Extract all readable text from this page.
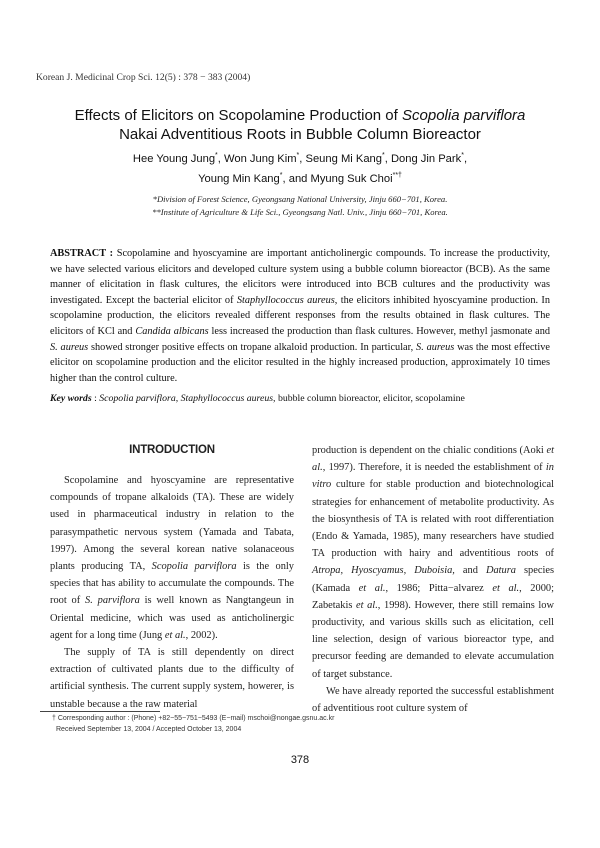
Korean J. Medicinal Crop Sci. 12(5) : 378 − 383 (2004)
Effects of Elicitors on Scopolamine Production of Scopolia parviflora
Nakai Adventitious Roots in Bubble Column Bioreactor
Hee Young Jung*, Won Jung Kim*, Seung Mi Kang*, Dong Jin Park*,
Young Min Kang*, and Myung Suk Choi**†
*Division of Forest Science, Gyeongsang National University, Jinju 660−701, Korea.
**Institute of Agriculture & Life Sci., Gyeongsang Natl. Univ., Jinju 660−701, Korea.
ABSTRACT : Scopolamine and hyoscyamine are important anticholinergic compounds. To increase the productivity, we have selected various elicitors and developed culture system using a bubble column bioreactor (BCB). As the same manner of elicitation in flask cultures, the elicitors were introduced into BCB cultures and the productivity was investigated. Except the bacterial elicitor of Staphyllococcus aureus, the elicitors inhibited hyoscyamine production. In scopolamine production, the elicitors revealed different responses from the results obtained in flask cultures. The elicitors of KCl and Candida albicans less increased the production than flask cultures. However, methyl jasmonate and S. aureus showed stronger positive effects on tropane alkaloid production. In particular, S. aureus was the most effective elicitor on scopolamine production and the elicitor resulted in the highly increased production, approximately 10 times higher than the control culture.
Key words : Scopolia parviflora, Staphyllococcus aureus, bubble column bioreactor, elicitor, scopolamine
INTRODUCTION

Scopolamine and hyoscyamine are representative compounds of tropane alkaloids (TA). These are widely used in pharmaceutical industry in relation to the parasympathetic nervous system (Yamada and Tabata, 1997). Among the several korean native solanaceous plants producing TA, Scopolia parviflora is the only species that has ability to accumulate the compounds. The root of S. parviflora is well known as Nangtangeun in Oriental medicine, which was used as anticholinergic agent for a long time (Jung et al., 2002).

The supply of TA is still dependently on direct extraction of cultivated plants due to the difficulty of artificial synthesis. The current supply system, howerer, is unstable because a the raw material

production is dependent on the chialic conditions (Aoki et al., 1997). Therefore, it is needed the establishment of in vitro culture for stable production and biotechnological strategies for enhancement of metabolite productivity. As the biosynthesis of TA is related with root differentiation (Endo & Yamada, 1985), many researchers have studied TA production with hairy and adventitious roots of Atropa, Hyoscyamus, Duboisia, and Datura species (Kamada et al., 1986; Pitta−alvarez et al., 2000; Zabetakis et al., 1998). However, there still remains low productivity, and various skills such as elicitation, cell line selection, design of various bioreactor type, and precursor feeding are demanded to elevate accumulation of target substance.

We have already reported the successful establishment of adventitious root culture system of

† Corresponding author : (Phone) +82−55−751−5493 (E−mail) mschoi@nongae.gsnu.ac.kr
Received September 13, 2004 / Accepted October 13, 2004
378
